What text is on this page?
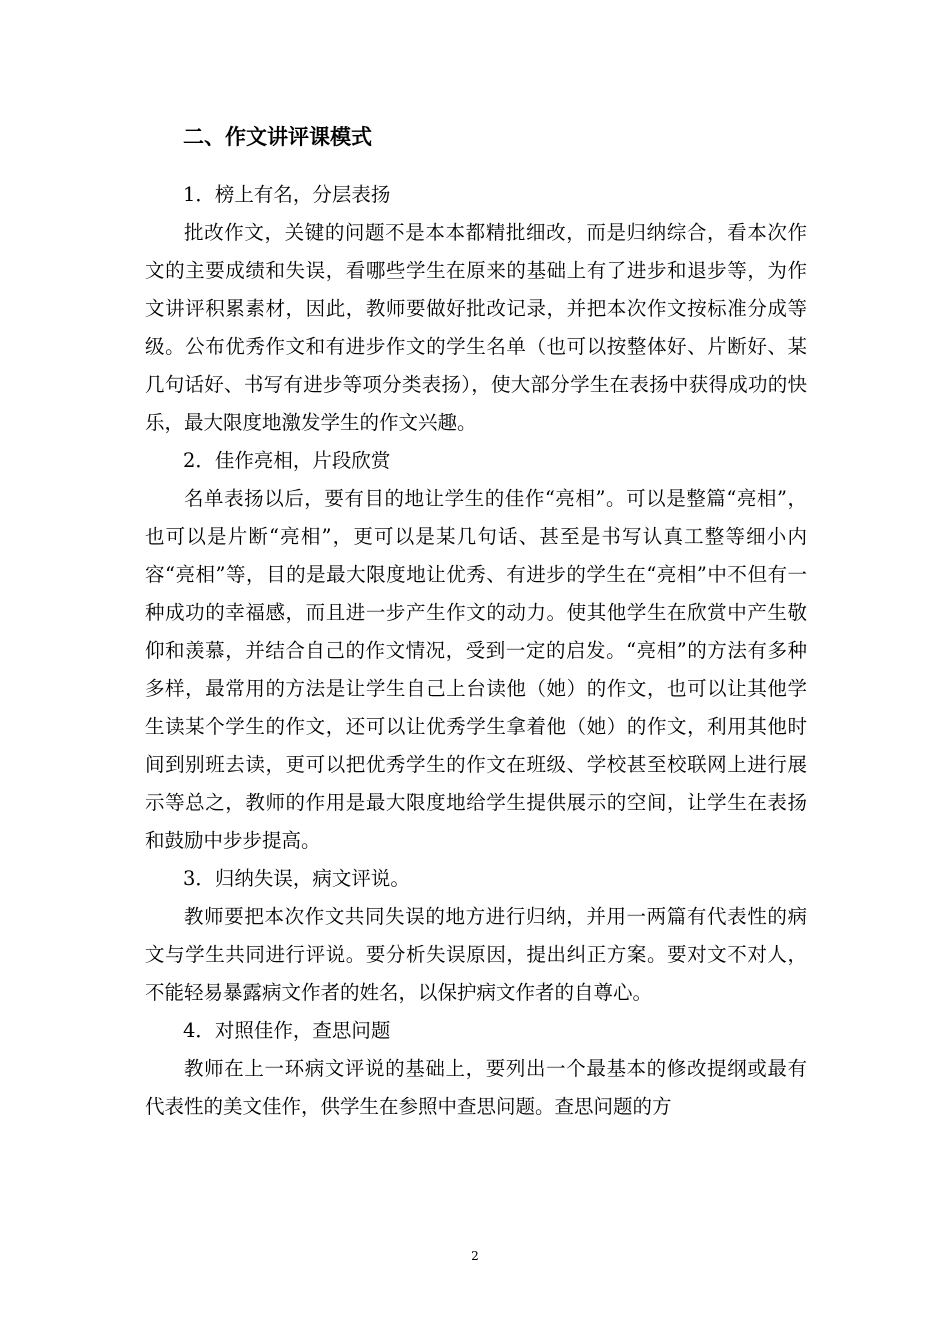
二、作文讲评课模式

1．榜上有名，分层表扬

批改作文，关键的问题不是本本都精批细改，而是归纳综合，看本次作文的主要成绩和失误，看哪些学生在原来的基础上有了进步和退步等，为作文讲评积累素材，因此，教师要做好批改记录，并把本次作文按标准分成等级。公布优秀作文和有进步作文的学生名单（也可以按整体好、片断好、某几句话好、书写有进步等项分类表扬），使大部分学生在表扬中获得成功的快乐，最大限度地激发学生的作文兴趣。

2．佳作亮相，片段欣赏

名单表扬以后，要有目的地让学生的佳作“亮相”。可以是整篇“亮相”，也可以是片断“亮相”，更可以是某几句话、甚至是书写认真工整等细小内容“亮相”等，目的是最大限度地让优秀、有进步的学生在“亮相”中不但有一种成功的幸福感，而且进一步产生作文的动力。使其他学生在欣赏中产生敬仰和羡慕，并结合自己的作文情况，受到一定的启发。“亮相”的方法有多种多样，最常用的方法是让学生自己上台读他（她）的作文，也可以让其他学生读某个学生的作文，还可以让优秀学生拿着他（她）的作文，利用其他时间到别班去读，更可以把优秀学生的作文在班级、学校甚至校联网上进行展示等总之，教师的作用是最大限度地给学生提供展示的空间，让学生在表扬和鼓励中步步提高。

3．归纳失误，病文评说。

教师要把本次作文共同失误的地方进行归纳，并用一两篇有代表性的病文与学生共同进行评说。要分析失误原因，提出纠正方案。要对文不对人，不能轻易暴露病文作者的姓名，以保护病文作者的自尊心。

4．对照佳作，查思问题

教师在上一环病文评说的基础上，要列出一个最基本的修改提纲或最有代表性的美文佳作，供学生在参照中查思问题。查思问题的方

2
